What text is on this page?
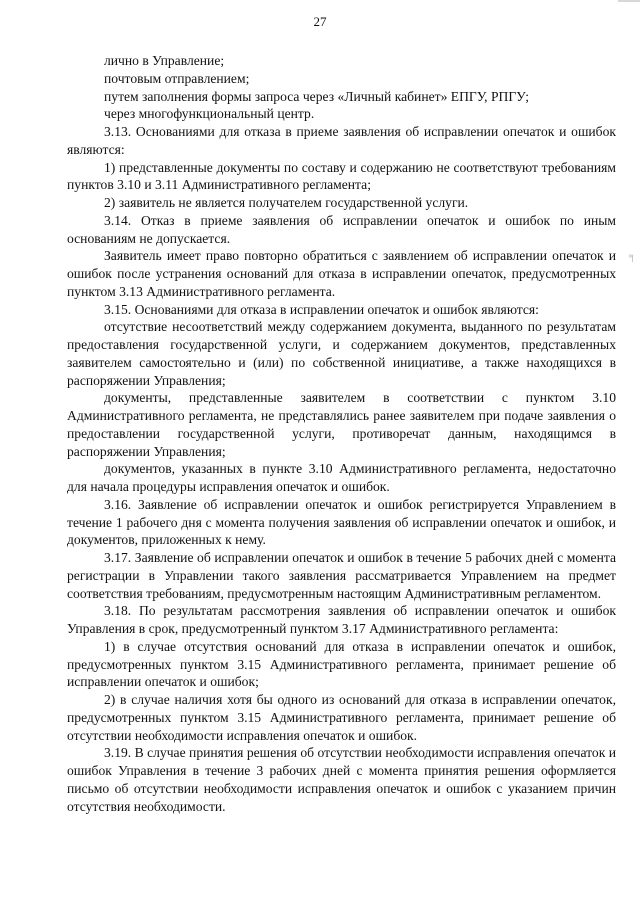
╕
27

лично в Управление;

почтовым отправлением;

путем заполнения формы запроса через «Личный кабинет» ЕПГУ, РПГУ;

через многофункциональный центр.

3.13. Основаниями для отказа в приеме заявления об исправлении опечаток и ошибок являются:

1) представленные документы по составу и содержанию не соответствуют требованиям пунктов 3.10 и 3.11 Административного регламента;

2) заявитель не является получателем государственной услуги.

3.14. Отказ в приеме заявления об исправлении опечаток и ошибок по иным основаниям не допускается.

Заявитель имеет право повторно обратиться с заявлением об исправлении опечаток и ошибок после устранения оснований для отказа в исправлении опечаток, предусмотренных пунктом 3.13 Административного регламента.

3.15. Основаниями для отказа в исправлении опечаток и ошибок являются:

отсутствие несоответствий между содержанием документа, выданного по результатам предоставления государственной услуги, и содержанием документов, представленных заявителем самостоятельно и (или) по собственной инициативе, а также находящихся в распоряжении Управления;

документы, представленные заявителем в соответствии с пунктом 3.10 Административного регламента, не представлялись ранее заявителем при подаче заявления о предоставлении государственной услуги, противоречат данным, находящимся в распоряжении Управления;

документов, указанных в пункте 3.10 Административного регламента, недостаточно для начала процедуры исправления опечаток и ошибок.

3.16. Заявление об исправлении опечаток и ошибок регистрируется Управлением в течение 1 рабочего дня с момента получения заявления об исправлении опечаток и ошибок, и документов, приложенных к нему.

3.17. Заявление об исправлении опечаток и ошибок в течение 5 рабочих дней с момента регистрации в Управлении такого заявления рассматривается Управлением на предмет соответствия требованиям, предусмотренным настоящим Административным регламентом.

3.18. По результатам рассмотрения заявления об исправлении опечаток и ошибок Управления в срок, предусмотренный пунктом 3.17 Административного регламента:

1) в случае отсутствия оснований для отказа в исправлении опечаток и ошибок, предусмотренных пунктом 3.15 Административного регламента, принимает решение об исправлении опечаток и ошибок;

2) в случае наличия хотя бы одного из оснований для отказа в исправлении опечаток, предусмотренных пунктом 3.15 Административного регламента, принимает решение об отсутствии необходимости исправления опечаток и ошибок.

3.19. В случае принятия решения об отсутствии необходимости исправления опечаток и ошибок Управления в течение 3 рабочих дней с момента принятия решения оформляется письмо об отсутствии необходимости исправления опечаток и ошибок с указанием причин отсутствия необходимости.
